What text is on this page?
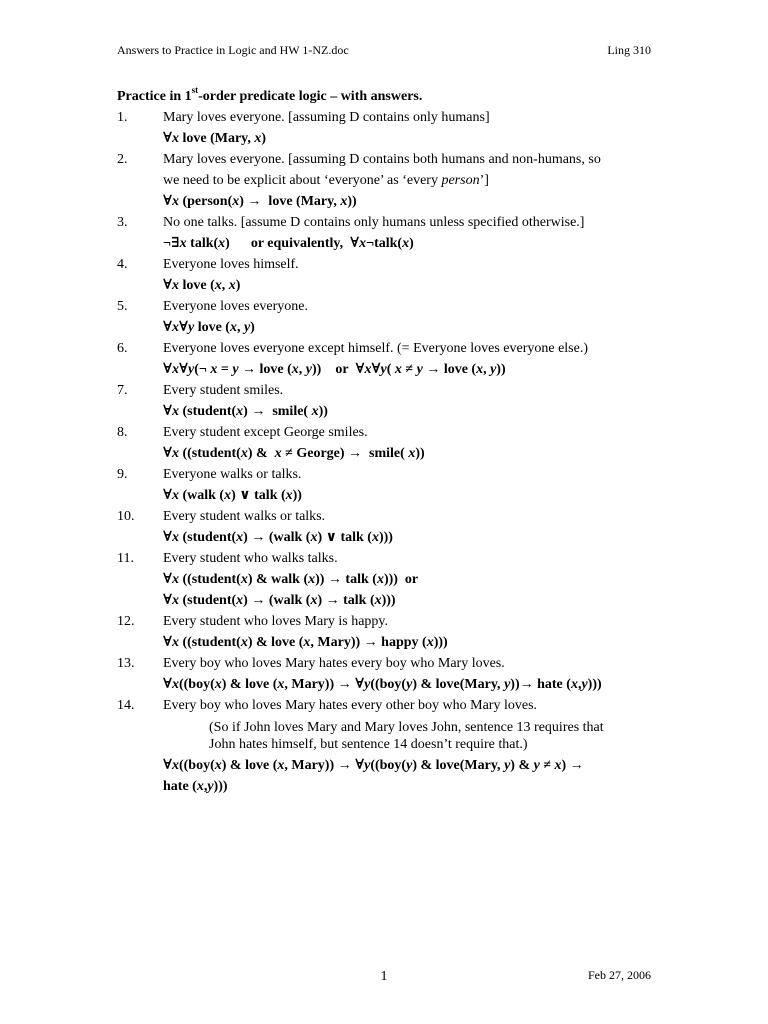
Answers to Practice in Logic and HW 1-NZ.doc	Ling 310
Practice in 1st-order predicate logic – with answers.
1.	Mary loves everyone. [assuming D contains only humans]
∀x love (Mary, x)
2.	Mary loves everyone. [assuming D contains both humans and non-humans, so
we need to be explicit about ‘everyone’ as ‘every person’]
∀x (person(x) →  love (Mary, x))
3.	No one talks. [assume D contains only humans unless specified otherwise.]
¬∃x talk(x)      or equivalently,  ∀x¬talk(x)
4.	Everyone loves himself.
∀x love (x, x)
5.	Everyone loves everyone.
∀x∀y love (x, y)
6.	Everyone loves everyone except himself. (= Everyone loves everyone else.)
∀x∀y(¬ x = y → love (x, y))    or  ∀x∀y( x ≠ y → love (x, y))
7.	Every student smiles.
∀x (student(x) →  smile( x))
8.	Every student except George smiles.
∀x ((student(x) &  x ≠ George) →  smile( x))
9.	Everyone walks or talks.
∀x (walk (x) ∨ talk (x))
10. Every student walks or talks.
∀x (student(x) → (walk (x) ∨ talk (x)))
11. Every student who walks talks.
∀x ((student(x) & walk (x)) → talk (x)))  or
∀x (student(x) → (walk (x) → talk (x)))
12. Every student who loves Mary is happy.
∀x ((student(x) & love (x, Mary)) → happy (x)))
13. Every boy who loves Mary hates every boy who Mary loves.
∀x((boy(x) & love (x, Mary)) → ∀y((boy(y) & love(Mary, y))→ hate (x,y)))
14. Every boy who loves Mary hates every other boy who Mary loves.
(So if John loves Mary and Mary loves John, sentence 13 requires that
John hates himself, but sentence 14 doesn’t require that.)
∀x((boy(x) & love (x, Mary)) → ∀y((boy(y) & love(Mary, y) & y ≠ x) →
hate (x,y)))
1	Feb 27, 2006
